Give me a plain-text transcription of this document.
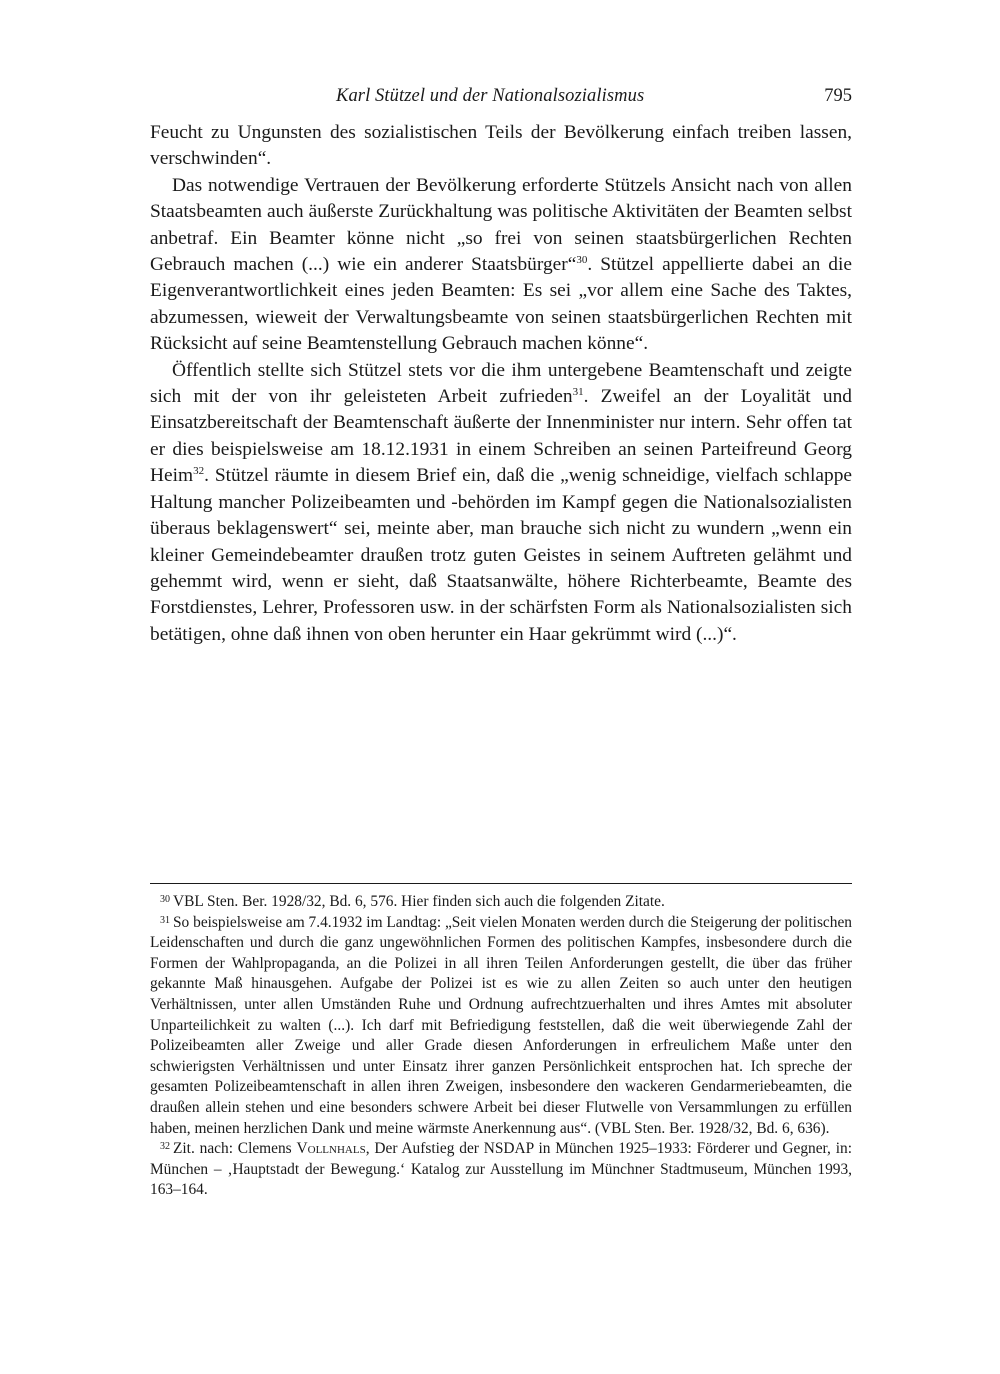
Karl Stützel und der Nationalsozialismus	795

Feucht zu Ungunsten des sozialistischen Teils der Bevölkerung einfach treiben lassen, verschwinden“.

Das notwendige Vertrauen der Bevölkerung erforderte Stützels Ansicht nach von allen Staatsbeamten auch äußerste Zurückhaltung was politische Aktivitäten der Beamten selbst anbetraf. Ein Beamter könne nicht „so frei von seinen staatsbürgerlichen Rechten Gebrauch machen (...) wie ein anderer Staatsbürger“$^{30}$. Stützel appellierte dabei an die Eigenverantwortlichkeit eines jeden Beamten: Es sei „vor allem eine Sache des Taktes, abzumessen, wieweit der Verwaltungsbeamte von seinen staatsbürgerlichen Rechten mit Rücksicht auf seine Beamtenstellung Gebrauch machen könne“.

Öffentlich stellte sich Stützel stets vor die ihm untergebene Beamtenschaft und zeigte sich mit der von ihr geleisteten Arbeit zufrieden$^{31}$. Zweifel an der Loyalität und Einsatzbereitschaft der Beamtenschaft äußerte der Innenminister nur intern. Sehr offen tat er dies beispielsweise am 18.12.1931 in einem Schreiben an seinen Parteifreund Georg Heim$^{32}$. Stützel räumte in diesem Brief ein, daß die „wenig schneidige, vielfach schlappe Haltung mancher Polizeibeamten und -behörden im Kampf gegen die Nationalsozialisten überaus beklagenswert“ sei, meinte aber, man brauche sich nicht zu wundern „wenn ein kleiner Gemeindebeamter draußen trotz guten Geistes in seinem Auftreten gelähmt und gehemmt wird, wenn er sieht, daß Staatsanwälte, höhere Richterbeamte, Beamte des Forstdienstes, Lehrer, Professoren usw. in der schärfsten Form als Nationalsozialisten sich betätigen, ohne daß ihnen von oben herunter ein Haar gekrümmt wird (...)“.

$^{30}$ VBL Sten. Ber. 1928/32, Bd. 6, 576. Hier finden sich auch die folgenden Zitate.

$^{31}$ So beispielsweise am 7.4.1932 im Landtag: „Seit vielen Monaten werden durch die Steigerung der politischen Leidenschaften und durch die ganz ungewöhnlichen Formen des politischen Kampfes, insbesondere durch die Formen der Wahlpropaganda, an die Polizei in all ihren Teilen Anforderungen gestellt, die über das früher gekannte Maß hinausgehen. Aufgabe der Polizei ist es wie zu allen Zeiten so auch unter den heutigen Verhältnissen, unter allen Umständen Ruhe und Ordnung aufrechtzuerhalten und ihres Amtes mit absoluter Unparteilichkeit zu walten (...). Ich darf mit Befriedigung feststellen, daß die weit überwiegende Zahl der Polizeibeamten aller Zweige und aller Grade diesen Anforderungen in erfreulichem Maße unter den schwierigsten Verhältnissen und unter Einsatz ihrer ganzen Persönlichkeit entsprochen hat. Ich spreche der gesamten Polizeibeamtenschaft in allen ihren Zweigen, insbesondere den wackeren Gendarmeriebeamten, die draußen allein stehen und eine besonders schwere Arbeit bei dieser Flutwelle von Versammlungen zu erfüllen haben, meinen herzlichen Dank und meine wärmste Anerkennung aus“. (VBL Sten. Ber. 1928/32, Bd. 6, 636).

$^{32}$ Zit. nach: Clemens Vollnhals, Der Aufstieg der NSDAP in München 1925–1933: Förderer und Gegner, in: München – ‚Hauptstadt der Bewegung.‘ Katalog zur Ausstellung im Münchner Stadtmuseum, München 1993, 163–164.
